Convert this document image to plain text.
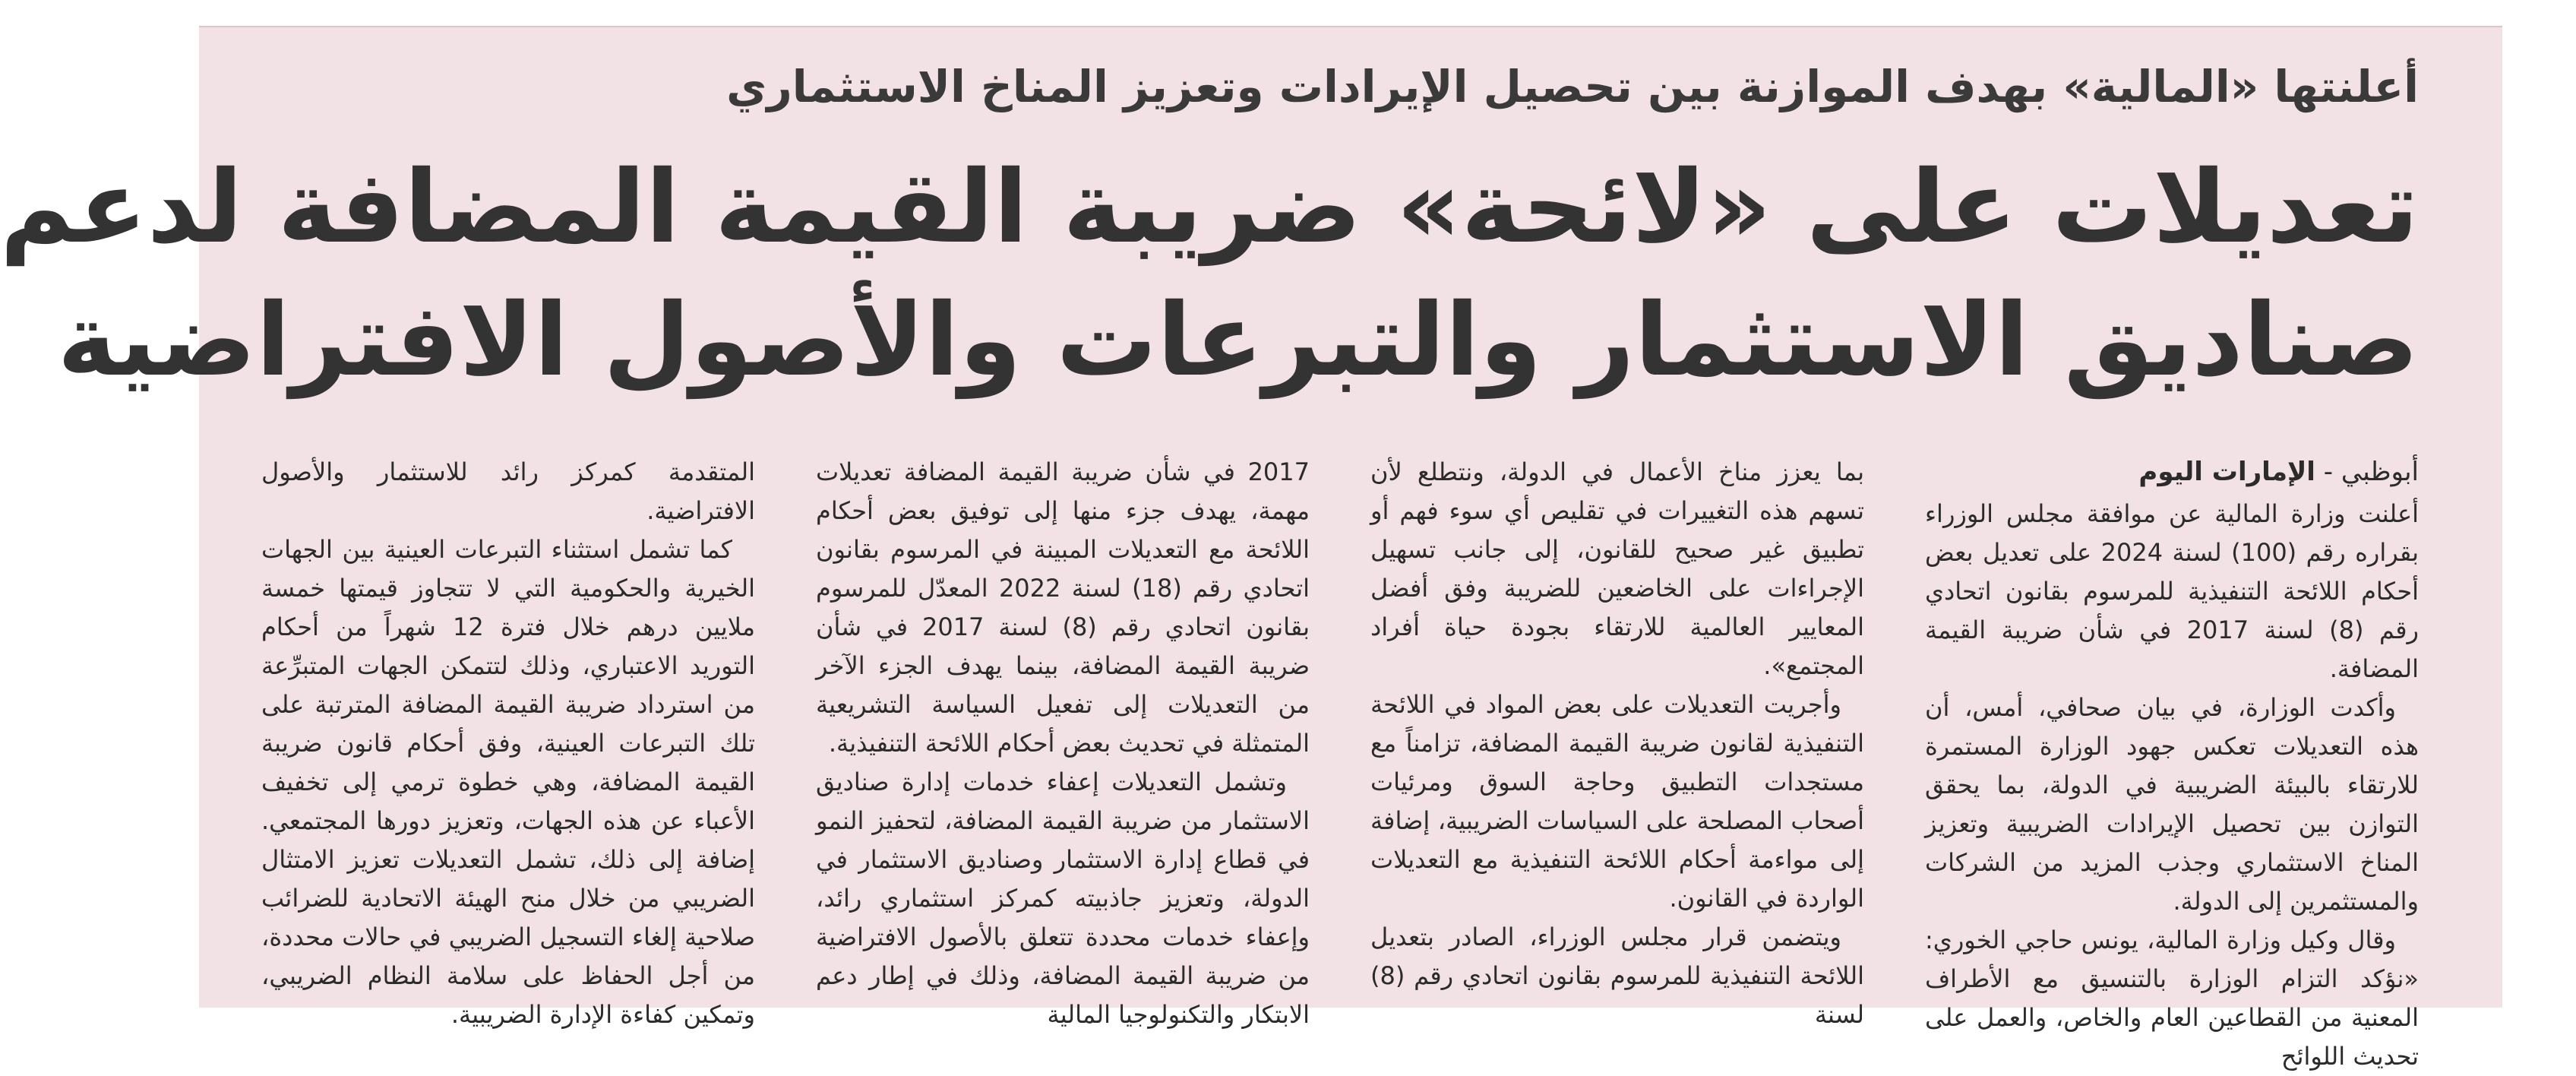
أعلنتها «المالية» بهدف الموازنة بين تحصيل الإيرادات وتعزيز المناخ الاستثماري
تعديلات على «لائحة» ضريبة القيمة المضافة لدعم
صناديق الاستثمار والتبرعات والأصول الافتراضية
أبوظبي - الإمارات اليوم

أعلنت وزارة المالية عن موافقة مجلس الوزراء بقراره رقم (100) لسنة 2024 على تعديل بعض أحكام اللائحة التنفيذية للمرسوم بقانون اتحادي رقم (8) لسنة 2017 في شأن ضريبة القيمة المضافة.

وأكدت الوزارة، في بيان صحافي، أمس، أن هذه التعديلات تعكس جهود الوزارة المستمرة للارتقاء بالبيئة الضريبية في الدولة، بما يحقق التوازن بين تحصيل الإيرادات الضريبية وتعزيز المناخ الاستثماري وجذب المزيد من الشركات والمستثمرين إلى الدولة.

وقال وكيل وزارة المالية، يونس حاجي الخوري: «نؤكد التزام الوزارة بالتنسيق مع الأطراف المعنية من القطاعين العام والخاص، والعمل على تحديث اللوائح

بما يعزز مناخ الأعمال في الدولة، ونتطلع لأن تسهم هذه التغييرات في تقليص أي سوء فهم أو تطبيق غير صحيح للقانون، إلى جانب تسهيل الإجراءات على الخاضعين للضريبة وفق أفضل المعايير العالمية للارتقاء بجودة حياة أفراد المجتمع».

وأجريت التعديلات على بعض المواد في اللائحة التنفيذية لقانون ضريبة القيمة المضافة، تزامناً مع مستجدات التطبيق وحاجة السوق ومرئيات أصحاب المصلحة على السياسات الضريبية، إضافة إلى مواءمة أحكام اللائحة التنفيذية مع التعديلات الواردة في القانون.

ويتضمن قرار مجلس الوزراء، الصادر بتعديل اللائحة التنفيذية للمرسوم بقانون اتحادي رقم (8) لسنة

2017 في شأن ضريبة القيمة المضافة تعديلات مهمة، يهدف جزء منها إلى توفيق بعض أحكام اللائحة مع التعديلات المبينة في المرسوم بقانون اتحادي رقم (18) لسنة 2022 المعدّل للمرسوم بقانون اتحادي رقم (8) لسنة 2017 في شأن ضريبة القيمة المضافة، بينما يهدف الجزء الآخر من التعديلات إلى تفعيل السياسة التشريعية المتمثلة في تحديث بعض أحكام اللائحة التنفيذية.

وتشمل التعديلات إعفاء خدمات إدارة صناديق الاستثمار من ضريبة القيمة المضافة، لتحفيز النمو في قطاع إدارة الاستثمار وصناديق الاستثمار في الدولة، وتعزيز جاذبيته كمركز استثماري رائد، وإعفاء خدمات محددة تتعلق بالأصول الافتراضية من ضريبة القيمة المضافة، وذلك في إطار دعم الابتكار والتكنولوجيا المالية

المتقدمة كمركز رائد للاستثمار والأصول الافتراضية.

كما تشمل استثناء التبرعات العينية بين الجهات الخيرية والحكومية التي لا تتجاوز قيمتها خمسة ملايين درهم خلال فترة 12 شهراً من أحكام التوريد الاعتباري، وذلك لتتمكن الجهات المتبرِّعة من استرداد ضريبة القيمة المضافة المترتبة على تلك التبرعات العينية، وفق أحكام قانون ضريبة القيمة المضافة، وهي خطوة ترمي إلى تخفيف الأعباء عن هذه الجهات، وتعزيز دورها المجتمعي. إضافة إلى ذلك، تشمل التعديلات تعزيز الامتثال الضريبي من خلال منح الهيئة الاتحادية للضرائب صلاحية إلغاء التسجيل الضريبي في حالات محددة، من أجل الحفاظ على سلامة النظام الضريبي، وتمكين كفاءة الإدارة الضريبية.
